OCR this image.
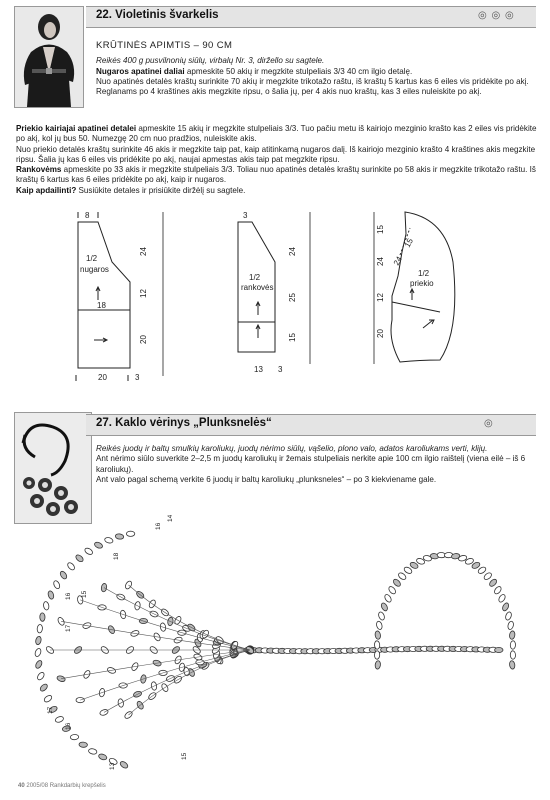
22. Violetinis švarkelis	◎ ◎ ◎

KRŪTINĖS APIMTIS – 90 CM

Reikės 400 g pusvilnonių siūlų, virbalų Nr. 3, diržello su sagtele.

Nugaros apatinei daliai apmeskite 50 akių ir megzkite stulpeliais 3/3 40 cm ilgio detalę.

Nuo apatinės detalės kraštų surinkite 70 akių ir megzkite trikotažo raštu, iš kraštų 5 kartus kas 6 eiles vis pridėkite po akį. Reglanams po 4 kraštines akis megzkite ripsu, o šalia jų, per 4 akis nuo kraštų, kas 3 eiles nuleiskite po akį.

Priekio kairiajai apatinei detalei apmeskite 15 akių ir megzkite stulpeliais 3/3. Tuo pačiu metu iš kairiojo mezginio krašto kas 2 eiles vis pridėkite po akį, kol jų bus 50. Numezgę 20 cm nuo pradžios, nuleiskite akis.

Nuo priekio detalės kraštų surinkite 46 akis ir megzkite taip pat, kaip atitinkamą nugaros dalį. Iš kairiojo mezginio krašto 4 kraštines akis megzkite ripsu. Šalia jų kas 6 eiles vis pridėkite po akį, naujai apmestas akis taip pat megzkite ripsu.

Rankovėms apmeskite po 33 akis ir megzkite stulpeliais 3/3. Toliau nuo apatinės detalės kraštų surinkite po 58 akis ir megzkite trikotažo raštu. Iš kraštų 6 kartus kas 6 eiles pridėkite po akį, kaip ir nugaros.

Kaip apdailinti? Susiūkite detales ir prisiūkite diržėlį su sagtele.

8
1/2
nugaros
18
24
12
20
20	3
3
1/2
rankovės
24
25
15
13 3
1/2
priekio
24
15
15
24
12
20
27. Kaklo vėrinys „Plunksnelės“	◎

Reikės juodų ir baltų smulkių karoliukų, juodų nėrimo siūlų, vąšelio, plono valo, adatos karoliukams verti, klijų.

Ant nėrimo siūlo suverkite 2–2,5 m juodų karoliukų ir žemais stulpeliais nerkite apie 100 cm ilgio raištelį (viena eilė – iš 6 karoliukų).

Ant valo pagal schemą verkite 6 juodų ir baltų karoliukų „plunksneles“ – po 3 kiekviename gale.

14
17
16 15
16
18
13
17
16
15
40 2005/08 Rankdarbių krepšelis
